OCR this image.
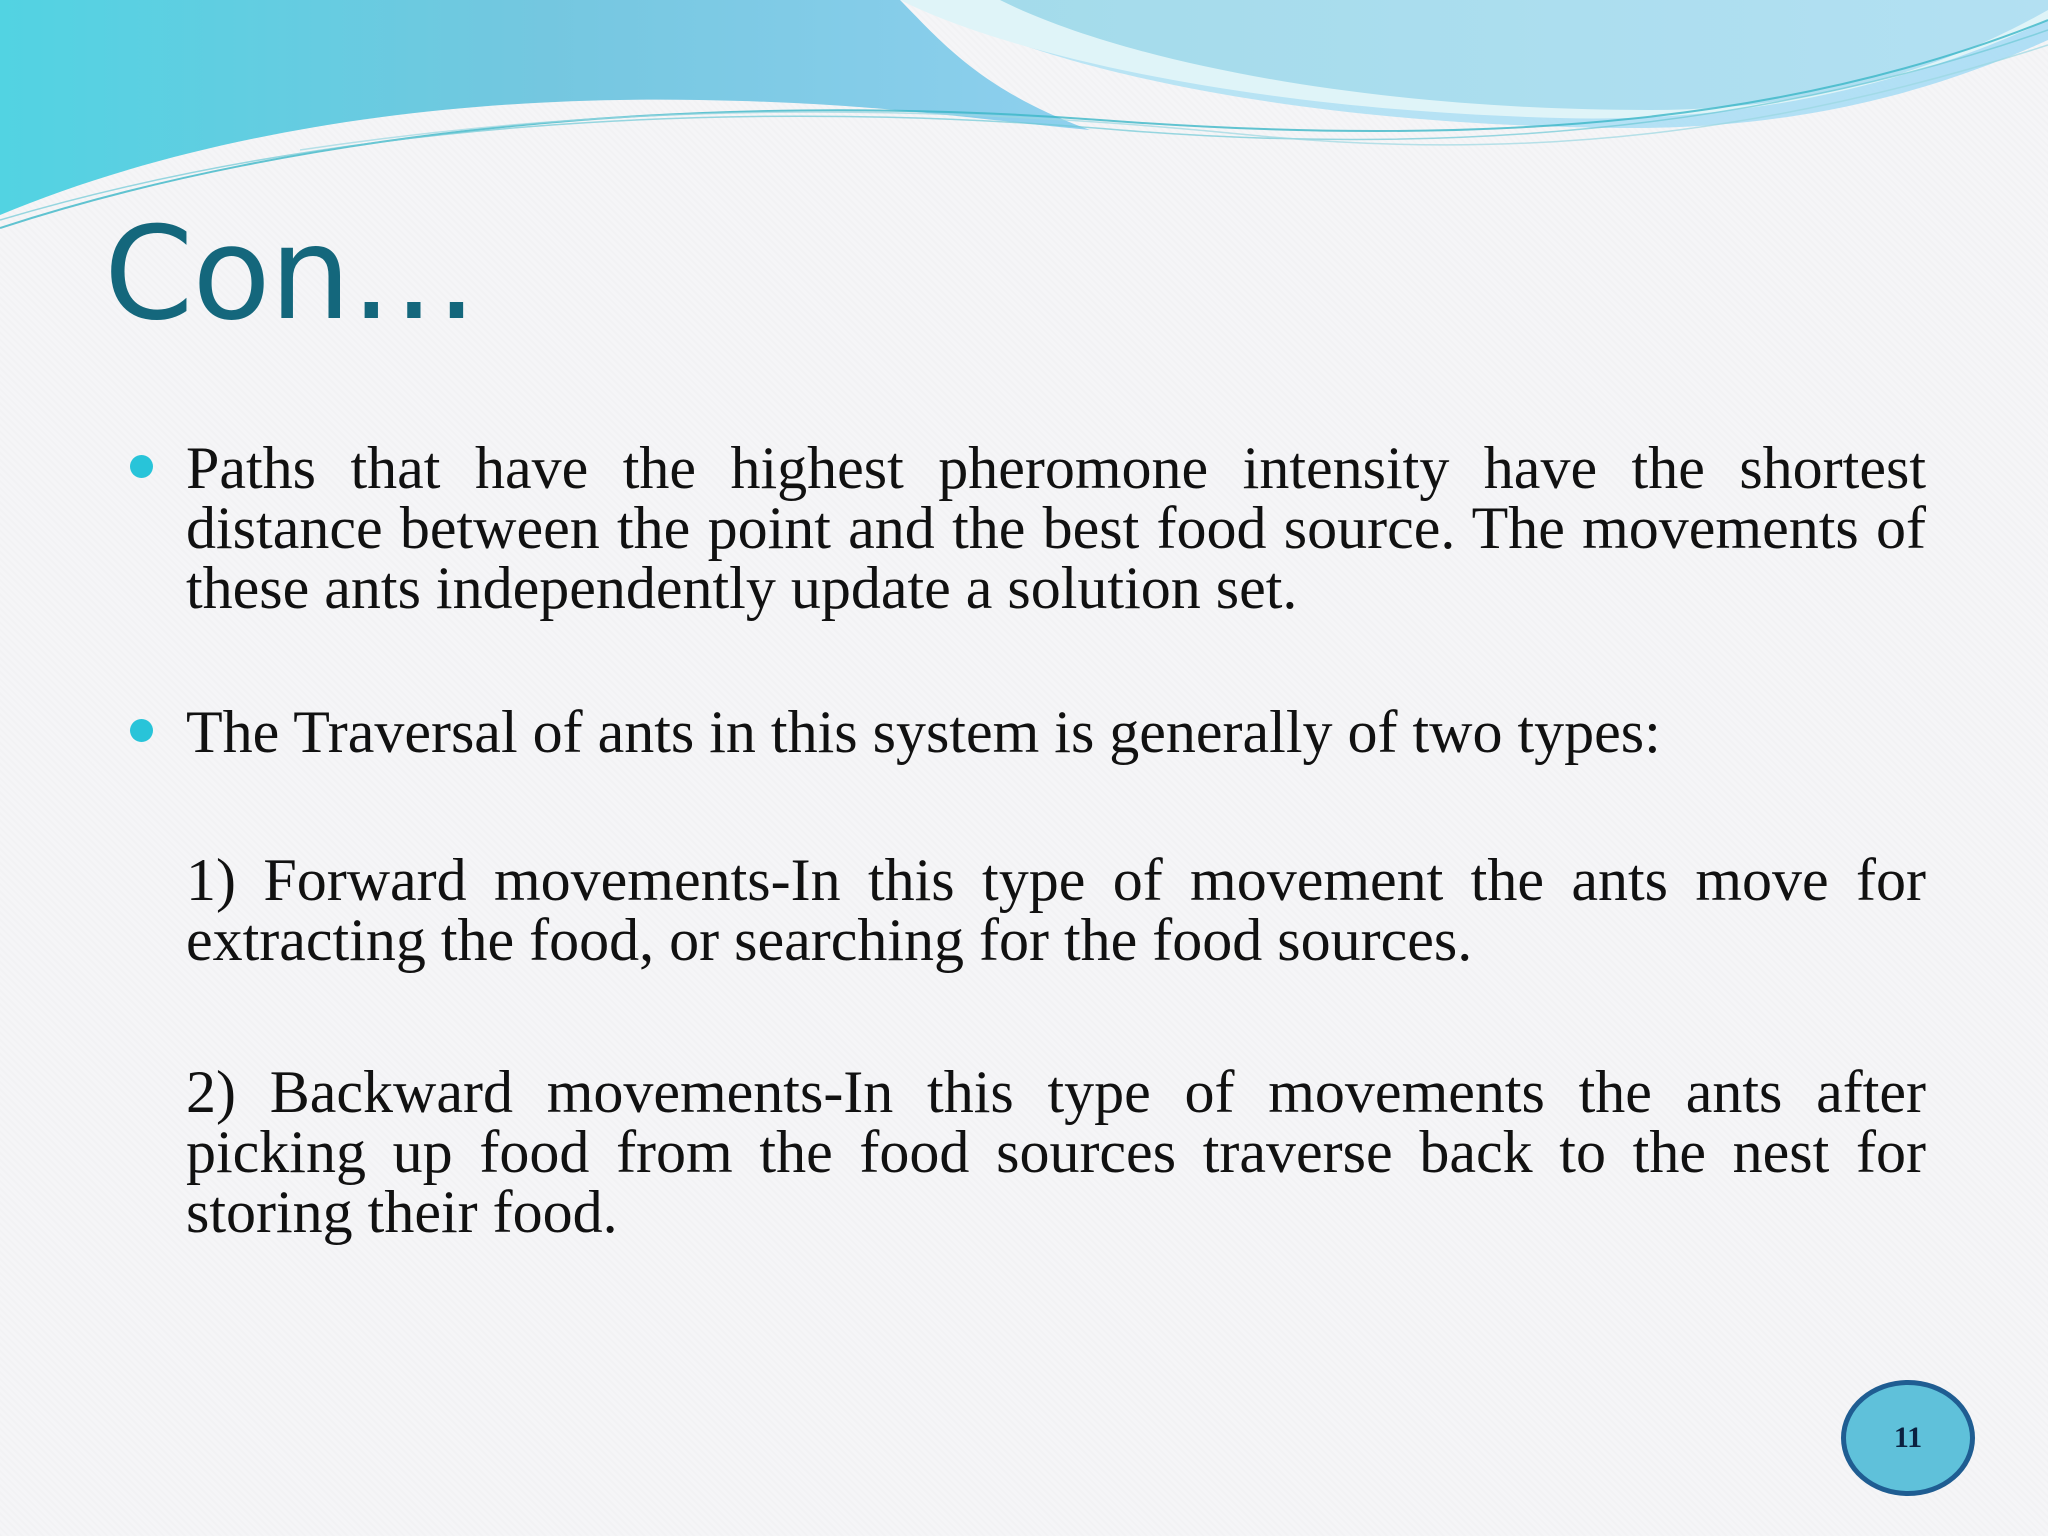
Con…
Paths that have the highest pheromone intensity have the shortest distance between the point and the best food source. The movements of these ants independently update a solution set.
The Traversal of ants in this system is generally of two types:
1) Forward movements-In this type of movement the ants move for extracting the food, or searching for the food sources.
2) Backward movements-In this type of movements the ants after picking up food from the food sources traverse back to the nest for storing their food.
11
